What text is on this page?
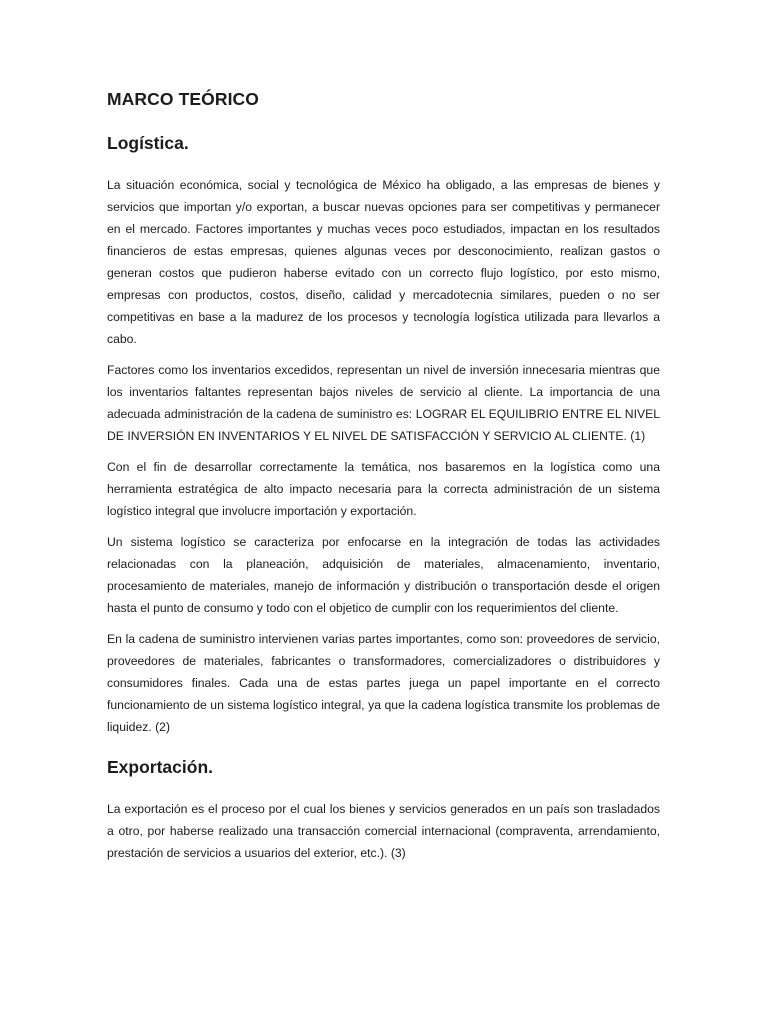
MARCO TEÓRICO
Logística.

La situación económica, social y tecnológica de México ha obligado, a las empresas de bienes y servicios que importan y/o exportan, a buscar nuevas opciones para ser competitivas y permanecer en el mercado. Factores importantes y muchas veces poco estudiados, impactan en los resultados financieros de estas empresas, quienes algunas veces por desconocimiento, realizan gastos o generan costos que pudieron haberse evitado con un correcto flujo logístico, por esto mismo, empresas con productos, costos, diseño, calidad y mercadotecnia similares, pueden o no ser competitivas en base a la madurez de los procesos y tecnología logística utilizada para llevarlos a cabo.

Factores como los inventarios excedidos, representan un nivel de inversión innecesaria mientras que los inventarios faltantes representan bajos niveles de servicio al cliente. La importancia de una adecuada administración de la cadena de suministro es: LOGRAR EL EQUILIBRIO ENTRE EL NIVEL DE INVERSIÓN EN INVENTARIOS Y EL NIVEL DE SATISFACCIÓN Y SERVICIO AL CLIENTE. (1)

Con el fin de desarrollar correctamente la temática, nos basaremos en la logística como una herramienta estratégica de alto impacto necesaria para la correcta administración de un sistema logístico integral que involucre importación y exportación.

Un sistema logístico se caracteriza por enfocarse en la integración de todas las actividades relacionadas con la planeación, adquisición de materiales, almacenamiento, inventario, procesamiento de materiales, manejo de información y distribución o transportación desde el origen hasta el punto de consumo y todo con el objetico de cumplir con los requerimientos del cliente.

En la cadena de suministro intervienen varias partes importantes, como son: proveedores de servicio, proveedores de materiales, fabricantes o transformadores, comercializadores o distribuidores y consumidores finales. Cada una de estas partes juega un papel importante en el correcto funcionamiento de un sistema logístico integral, ya que la cadena logística transmite los problemas de liquidez. (2)

Exportación.

La exportación es el proceso por el cual los bienes y servicios generados en un país son trasladados a otro, por haberse realizado una transacción comercial internacional (compraventa, arrendamiento, prestación de servicios a usuarios del exterior, etc.). (3)
